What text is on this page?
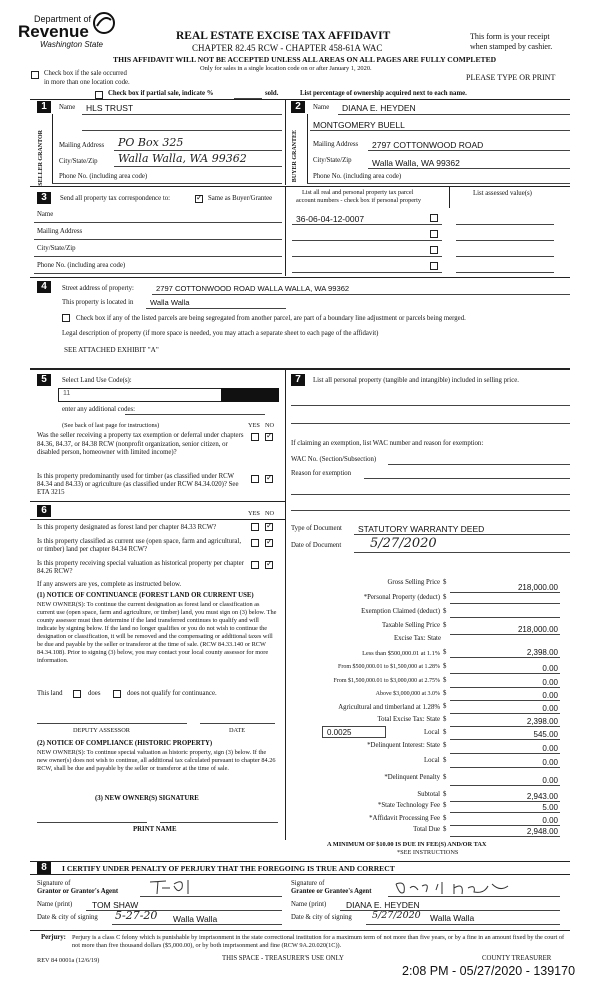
Department of
Revenue
Washington State
REAL ESTATE EXCISE TAX AFFIDAVIT
CHAPTER 82.45 RCW - CHAPTER 458-61A WAC
THIS AFFIDAVIT WILL NOT BE ACCEPTED UNLESS ALL AREAS ON ALL PAGES ARE FULLY COMPLETED
Only for sales in a single location code on or after January 1, 2020.
This form is your receipt
when stamped by cashier.
PLEASE TYPE OR PRINT
Check box if the sale occurred
in more than one location code.
Check box if partial sale, indicate %	sold.	List percentage of ownership acquired next to each name.
1	Name HLS TRUST
SELLER GRANTOR	Mailing Address PO Box 325
City/State/Zip Walla Walla, WA 99362
Phone No. (including area code)
2	Name DIANA E. HEYDEN
BUYER GRANTEE
MONTGOMERY BUELL
Mailing Address 2797 COTTONWOOD ROAD
City/State/Zip Walla Walla, WA 99362
Phone No. (including area code)
3	Send all property tax correspondence to:
✓	Same as Buyer/Grantee
Name
Mailing Address
City/State/Zip
Phone No. (including area code)
List all real and personal property tax parcel
account numbers - check box if personal property
List assessed value(s)
36-06-04-12-0007
4	Street address of property:	2797 COTTONWOOD ROAD WALLA WALLA, WA 99362
This property is located in Walla Walla
Check box if any of the listed parcels are being segregated from another parcel, are part of a boundary line adjustment or parcels being merged.
Legal description of property (if more space is needed, you may attach a separate sheet to each page of the affidavit)
SEE ATTACHED EXHIBIT "A"
5	Select Land Use Code(s):
11
enter any additional codes:
(See back of last page for instructions)	YES NO
Was the seller receiving a property tax exemption or deferral under chapters 84.36, 84.37, or 84.38 RCW (nonprofit organization, senior citizen, or disabled person, homeowner with limited income)?
✓
Is this property predominantly used for timber (as classified under RCW 84.34 and 84.33) or agriculture (as classified under RCW 84.34.020)? See ETA 3215
✓
6	YES NO
Is this property designated as forest land per chapter 84.33 RCW?
✓
Is this property classified as current use (open space, farm and agricultural, or timber) land per chapter 84.34 RCW?
✓
Is this property receiving special valuation as historical property per chapter 84.26 RCW?
✓
If any answers are yes, complete as instructed below.
(1) NOTICE OF CONTINUANCE (FOREST LAND OR CURRENT USE)
NEW OWNER(S): To continue the current designation as forest land or classification as current use (open space, farm and agriculture, or timber) land, you must sign on (3) below. The county assessor must then determine if the land transferred continues to qualify and will indicate by signing below. If the land no longer qualifies or you do not wish to continue the designation or classification, it will be removed and the compensating or additional taxes will be due and payable by the seller or transferor at the time of sale. (RCW 84.33.140 or RCW 84.34.108). Prior to signing (3) below, you may contact your local county assessor for more information.
This land	does	does not qualify for continuance.
DEPUTY ASSESSOR	DATE
(2) NOTICE OF COMPLIANCE (HISTORIC PROPERTY)
NEW OWNER(S): To continue special valuation as historic property, sign (3) below. If the new owner(s) does not wish to continue, all additional tax calculated pursuant to chapter 84.26 RCW, shall be due and payable by the seller or transferor at the time of sale.
(3) NEW OWNER(S) SIGNATURE
PRINT NAME
7	List all personal property (tangible and intangible) included in selling price.
If claiming an exemption, list WAC number and reason for exemption:
WAC No. (Section/Subsection)
Reason for exemption
Type of Document STATUTORY WARRANTY DEED
Date of Document 5/27/2020
Gross Selling Price $
218,000.00
*Personal Property (deduct) $
Exemption Claimed (deduct) $
Taxable Selling Price $	218,000.00
Excise Tax: State
Less than $500,000.01 at 1.1% $	2,398.00
From $500,000.01 to $1,500,000 at 1.28% $	0.00
From $1,500,000.01 to $3,000,000 at 2.75% $	0.00
Above $3,000,000 at 3.0% $	0.00
Agricultural and timberland at 1.28% $	0.00
Total Excise Tax: State $	2,398.00
0.0025	Local $	545.00
*Delinquent Interest: State $	0.00
Local $	0.00
*Delinquent Penalty $	0.00
Subtotal $	2,943.00
*State Technology Fee $	5.00
*Affidavit Processing Fee $	0.00
Total Due $	2,948.00
A MINIMUM OF $10.00 IS DUE IN FEE(S) AND/OR TAX
*SEE INSTRUCTIONS
8	I CERTIFY UNDER PENALTY OF PERJURY THAT THE FOREGOING IS TRUE AND CORRECT
Signature of
Grantor or Grantor's Agent
Signature of
Grantee or Grantee's Agent
Name (print) TOM SHAW	Name (print) DIANA E. HEYDEN
Date & city of signing 5-27-20 Walla Walla	Date & city of signing 5/27/2020 Walla Walla
Perjury: Perjury is a class C felony which is punishable by imprisonment in the state correctional institution for a maximum term of not more than five years, or by a fine in an amount fixed by the court of not more than five thousand dollars ($5,000.00), or by both imprisonment and fine (RCW 9A.20.020(1C)).
REV 84 0001a (12/6/19)	THIS SPACE - TREASURER'S USE ONLY	COUNTY TREASURER
2:08 PM - 05/27/2020 - 139170
